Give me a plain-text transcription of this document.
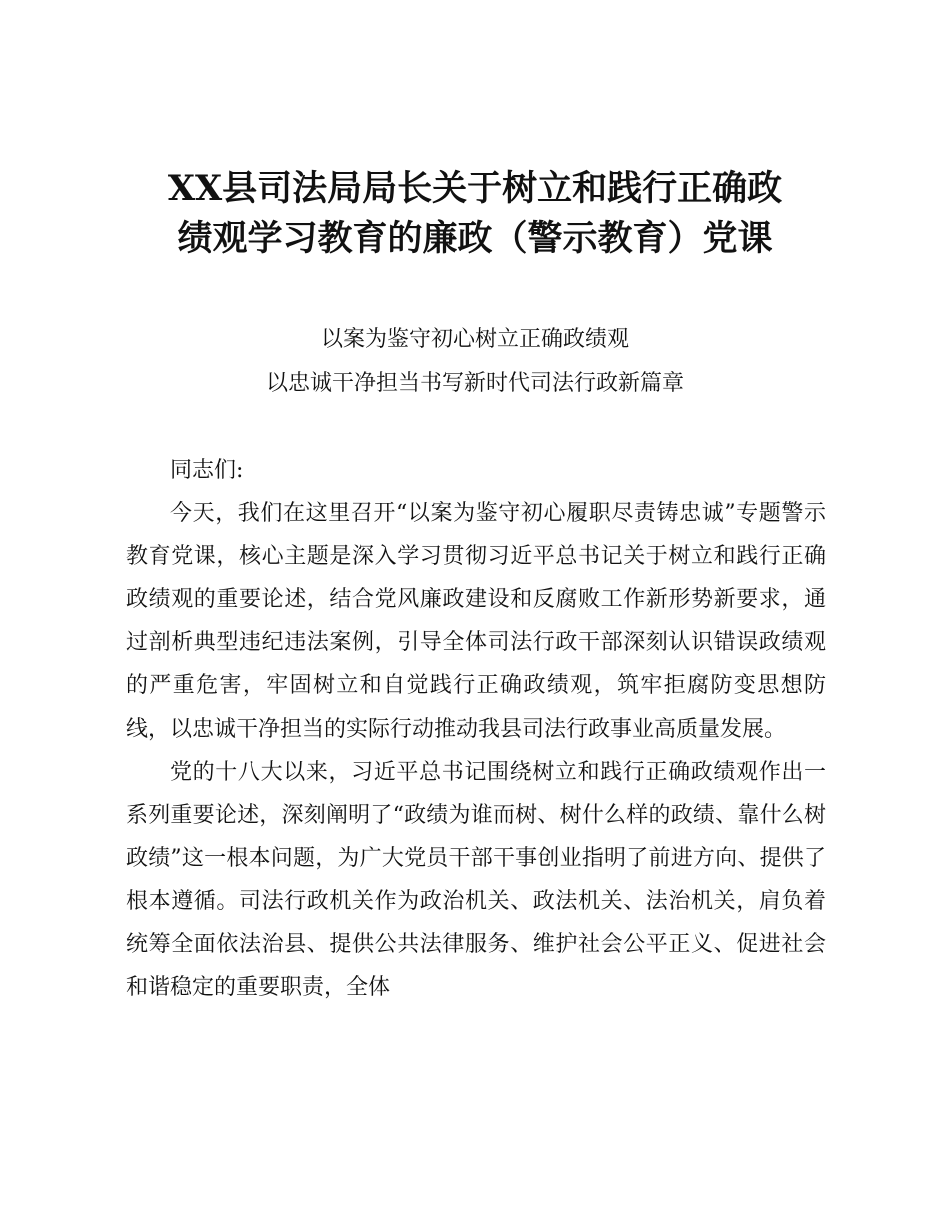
XX县司法局局长关于树立和践行正确政
绩观学习教育的廉政（警示教育）党课
以案为鉴守初心树立正确政绩观
以忠诚干净担当书写新时代司法行政新篇章

同志们:

今天，我们在这里召开“以案为鉴守初心履职尽责铸忠诚”专题警示教育党课，核心主题是深入学习贯彻习近平总书记关于树立和践行正确政绩观的重要论述，结合党风廉政建设和反腐败工作新形势新要求，通过剖析典型违纪违法案例，引导全体司法行政干部深刻认识错误政绩观的严重危害，牢固树立和自觉践行正确政绩观，筑牢拒腐防变思想防线，以忠诚干净担当的实际行动推动我县司法行政事业高质量发展。

党的十八大以来，习近平总书记围绕树立和践行正确政绩观作出一系列重要论述，深刻阐明了“政绩为谁而树、树什么样的政绩、靠什么树政绩”这一根本问题，为广大党员干部干事创业指明了前进方向、提供了根本遵循。司法行政机关作为政治机关、政法机关、法治机关，肩负着统筹全面依法治县、提供公共法律服务、维护社会公平正义、促进社会和谐稳定的重要职责，全体
